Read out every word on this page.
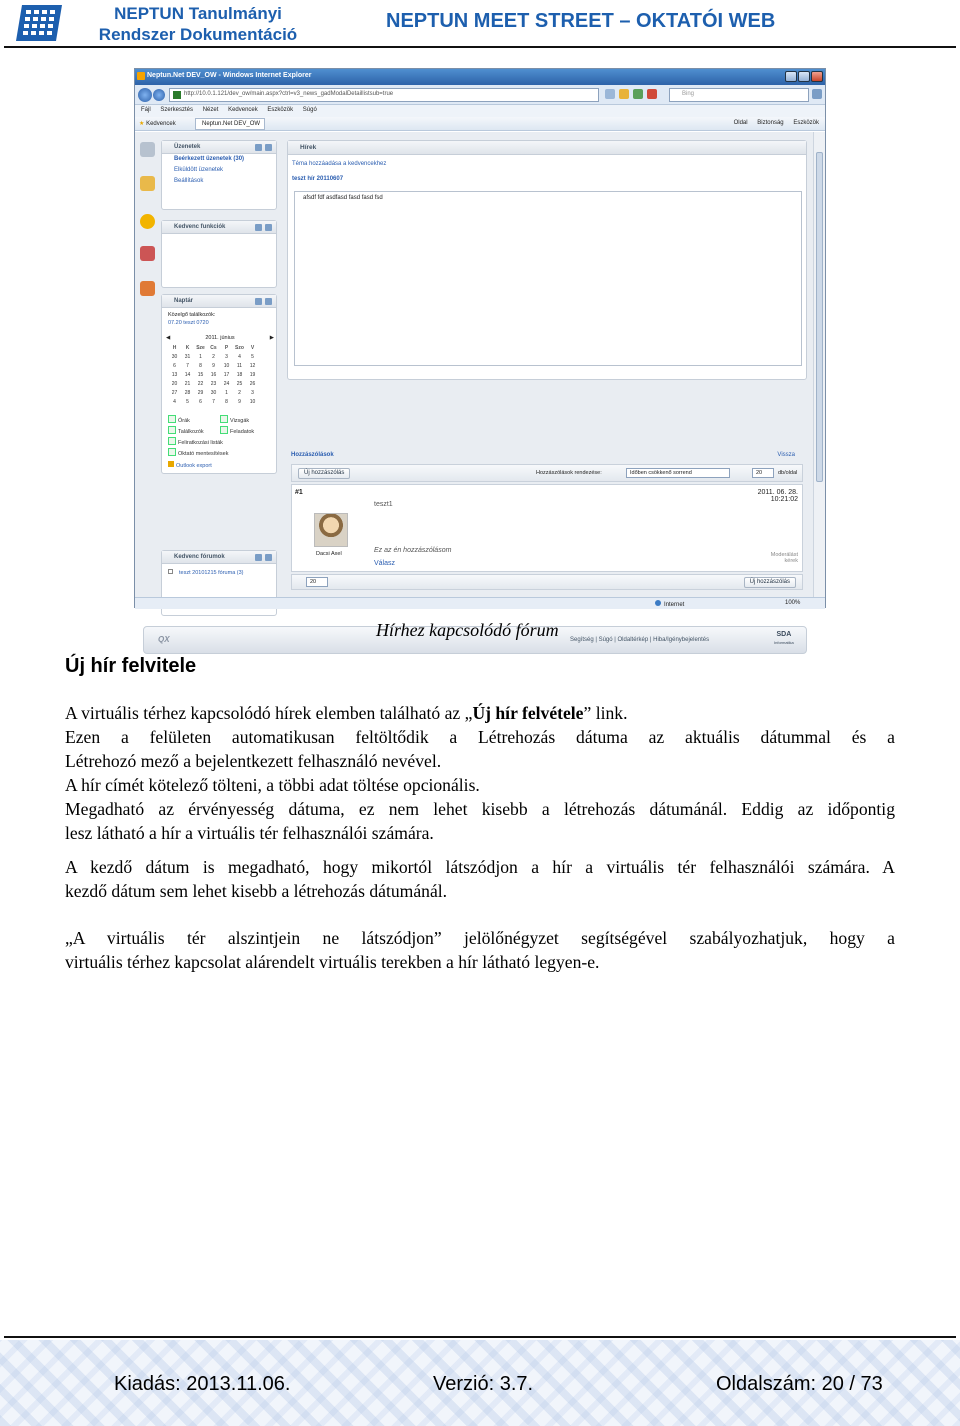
NEPTUN Tanulmányi
Rendszer Dokumentáció
NEPTUN MEET STREET – OKTATÓI WEB
Neptun.Net DEV_OW - Windows Internet Explorer
http://10.0.1.121/dev_ow/main.aspx?ctrl=v3_news_gadModalDetaillistsub=true	Bing
Fájl Szerkesztés Nézet Kedvencek Eszközök Súgó
★ Kedvencek	Neptun.Net DEV_OW	Oldal Biztonság Eszközök
Üzenetek
Beérkezett üzenetek (30)
Elküldött üzenetek
Beállítások
Kedvenc funkciók
Naptár
Közelgő találkozók:
07.20 teszt 0720
◀	2011. június	▶
H K Sze Cs P Szo V
30 31 1 2 3 4 5
6 7 8 9 10 11 12
13 14 15 16 17 18 19
20 21 22 23 24 25 26
27 28 29 30 1 2 3
4 5 6 7 8 9 10
Órák	Vizsgák
Találkozók	Feladatok
Feliratkozási listák
Oktató mentesítések
Outlook export
Kedvenc fórumok
teszt 20101215 fóruma (3)
Hírek
Téma hozzáadása a kedvencekhez
teszt hír 20110607
afsdf fdf asdfasd fasd fasd fsd
Hozzászólások	Vissza
Új hozzászólás	Hozzászólások rendezése:	Időben csökkenő sorrend	20	db/oldal
#1	2011. 06. 28.
10:21:02
teszt1
Dacsi Axel	Ez az én hozzászólásom
Válasz
Moderálást
kérek
20	Új hozzászólás
QX	Segítség | Súgó | Oldaltérkép | Hiba/Igénybejelentés
SDA
Informatika
Internet	100%
Hírhez kapcsolódó fórum
Új hír felvitele

A virtuális térhez kapcsolódó hírek elemben található az „Új hír felvétele” link.

Ezen a felületen automatikusan feltöltődik a Létrehozás dátuma az aktuális dátummal és a
Létrehozó mező a bejelentkezett felhasználó nevével.

A hír címét kötelező tölteni, a többi adat töltése opcionális.

Megadható az érvényesség dátuma, ez nem lehet kisebb a létrehozás dátumánál. Eddig az időpontig
lesz látható a hír a virtuális tér felhasználói számára.

A kezdő dátum is megadható, hogy mikortól látszódjon a hír a virtuális tér felhasználói számára. A
kezdő dátum sem lehet kisebb a létrehozás dátumánál.

„A virtuális tér alszintjein ne látszódjon” jelölőnégyzet segítségével szabályozhatjuk, hogy a
virtuális térhez kapcsolat alárendelt virtuális terekben a hír látható legyen-e.

Kiadás: 2013.11.06.	Verzió: 3.7.	Oldalszám: 20 / 73
